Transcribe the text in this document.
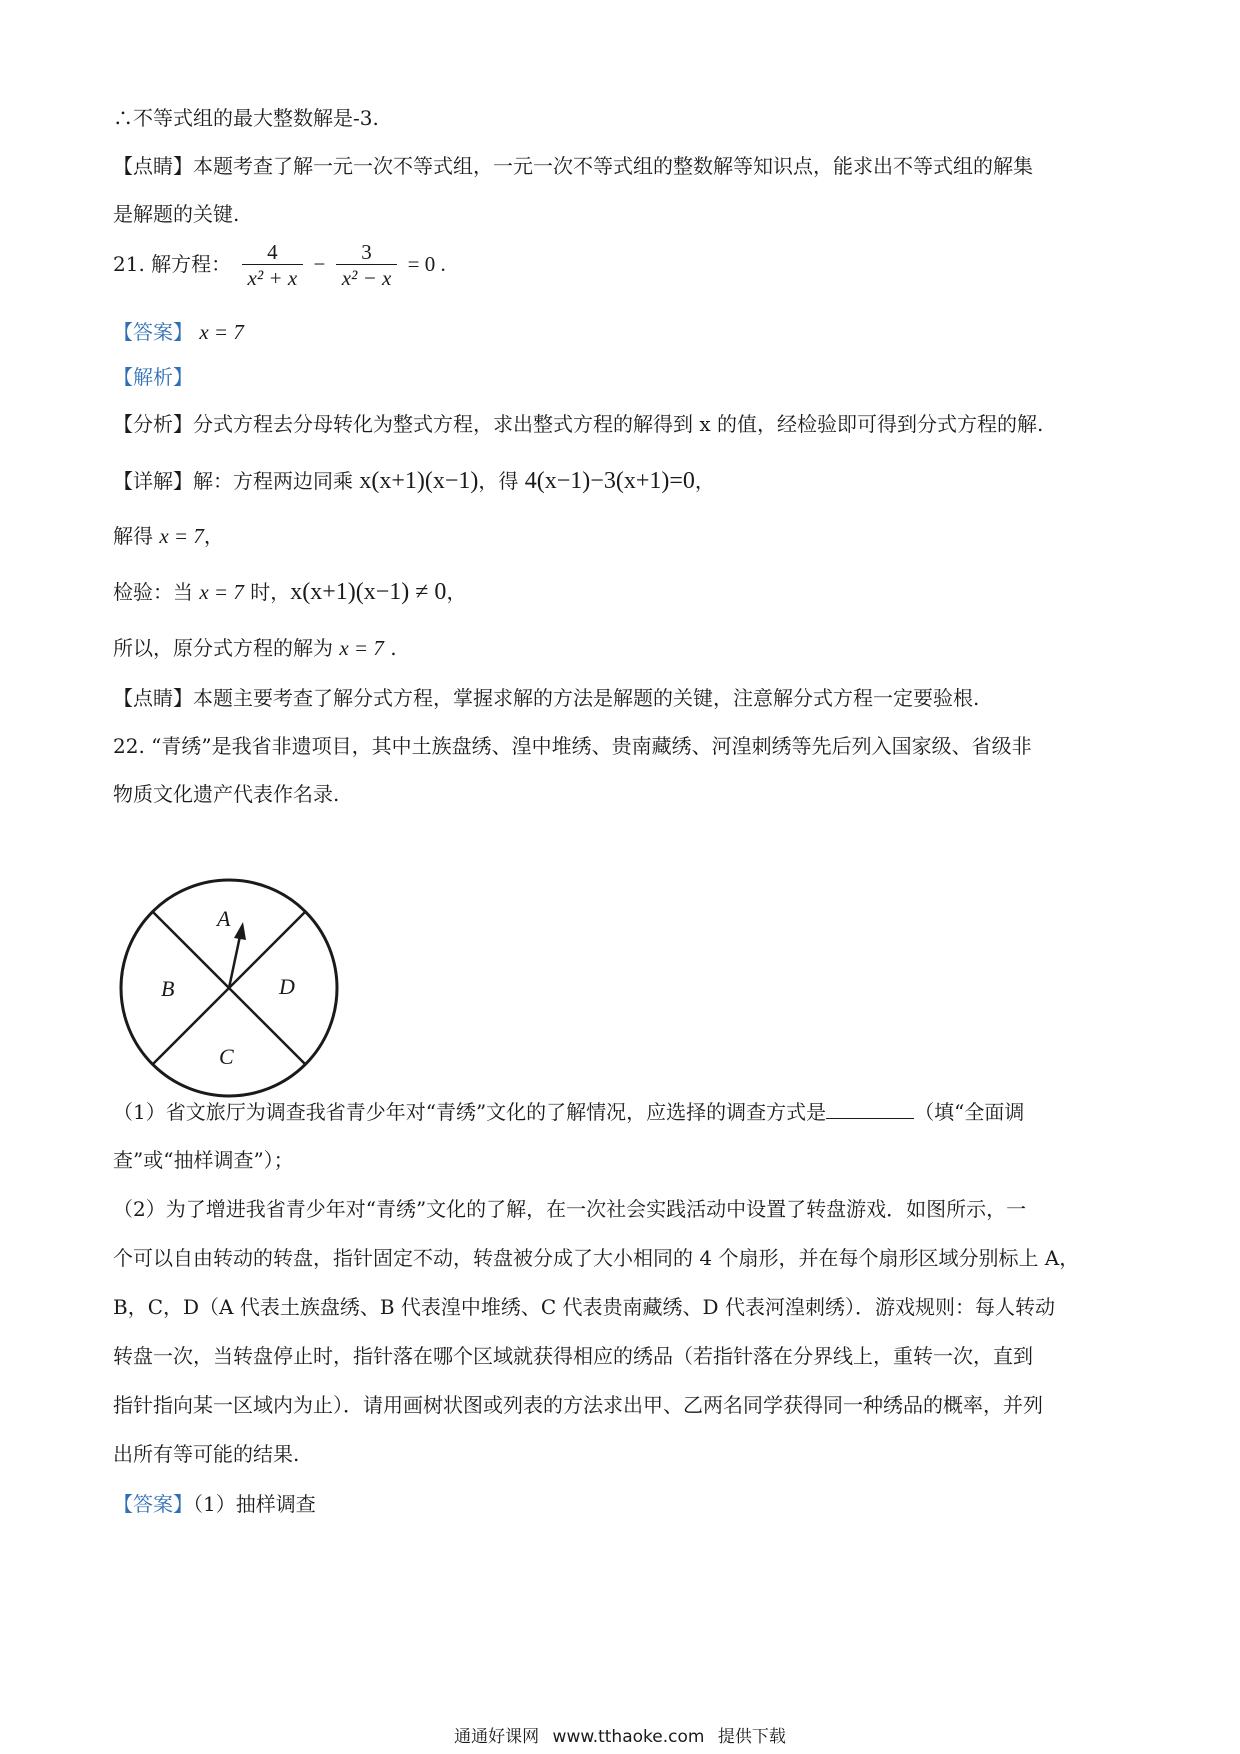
∴不等式组的最大整数解是-3.
【点睛】本题考查了解一元一次不等式组，一元一次不等式组的整数解等知识点，能求出不等式组的解集
是解题的关键.
21. 解方程： $\frac{4}{\text{x² + x}} - \frac{3}{\text{x² − x}} = 0$ .
【答案】 x = 7
【解析】
【分析】分式方程去分母转化为整式方程，求出整式方程的解得到 x 的值，经检验即可得到分式方程的解.
【详解】解：方程两边同乘 x(x+1)(x−1)，得 4(x−1)−3(x+1)=0，
解得 x = 7，
检验：当 x = 7 时，x(x+1)(x−1) ≠ 0，
所以，原分式方程的解为 x = 7 .
【点睛】本题主要考查了解分式方程，掌握求解的方法是解题的关键，注意解分式方程一定要验根.
22. “青绣”是我省非遗项目，其中土族盘绣、湟中堆绣、贵南藏绣、河湟刺绣等先后列入国家级、省级非
物质文化遗产代表作名录.
A
B
C
D
（1）省文旅厅为调查我省青少年对“青绣”文化的了解情况，应选择的调查方式是	（填“全面调
查”或“抽样调查”）；
（2）为了增进我省青少年对“青绣”文化的了解，在一次社会实践活动中设置了转盘游戏．如图所示，一
个可以自由转动的转盘，指针固定不动，转盘被分成了大小相同的 4 个扇形，并在每个扇形区域分别标上 A，
B，C，D（A 代表土族盘绣、B 代表湟中堆绣、C 代表贵南藏绣、D 代表河湟刺绣）．游戏规则：每人转动
转盘一次，当转盘停止时，指针落在哪个区域就获得相应的绣品（若指针落在分界线上，重转一次，直到
指针指向某一区域内为止）．请用画树状图或列表的方法求出甲、乙两名同学获得同一种绣品的概率，并列
出所有等可能的结果.
【答案】（1）抽样调查
通通好课网 www.tthaoke.com 提供下载
